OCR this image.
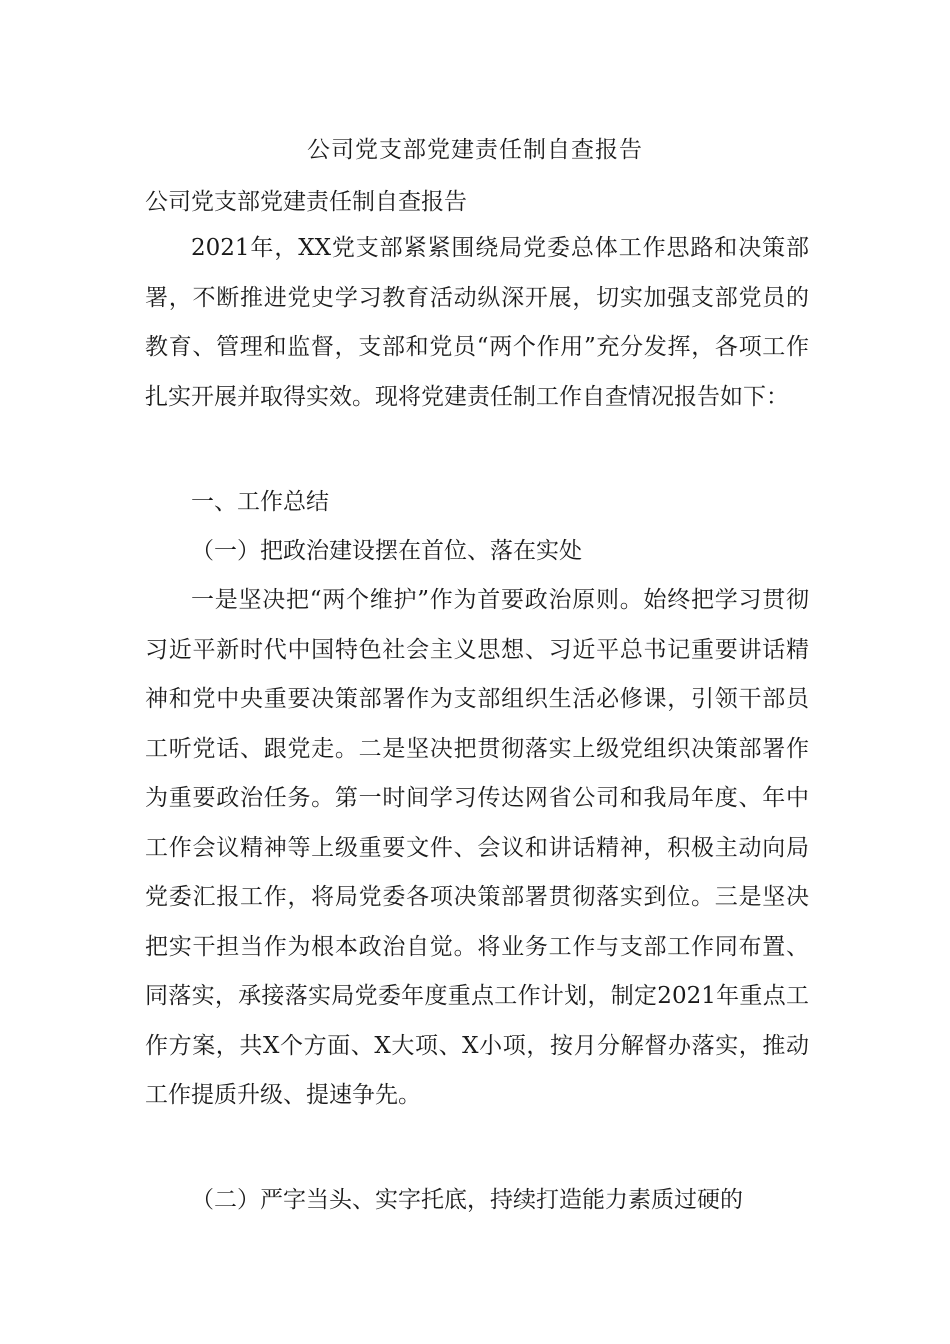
公司党支部党建责任制自查报告
公司党支部党建责任制自查报告
2021年，XX党支部紧紧围绕局党委总体工作思路和决策部署，不断推进党史学习教育活动纵深开展，切实加强支部党员的教育、管理和监督，支部和党员“两个作用”充分发挥，各项工作扎实开展并取得实效。现将党建责任制工作自查情况报告如下：
一、工作总结
（一）把政治建设摆在首位、落在实处
一是坚决把“两个维护”作为首要政治原则。始终把学习贯彻习近平新时代中国特色社会主义思想、习近平总书记重要讲话精神和党中央重要决策部署作为支部组织生活必修课，引领干部员工听党话、跟党走。二是坚决把贯彻落实上级党组织决策部署作为重要政治任务。第一时间学习传达网省公司和我局年度、年中工作会议精神等上级重要文件、会议和讲话精神，积极主动向局党委汇报工作，将局党委各项决策部署贯彻落实到位。三是坚决把实干担当作为根本政治自觉。将业务工作与支部工作同布置、同落实，承接落实局党委年度重点工作计划，制定2021年重点工作方案，共X个方面、X大项、X小项，按月分解督办落实，推动工作提质升级、提速争先。
（二）严字当头、实字托底，持续打造能力素质过硬的
